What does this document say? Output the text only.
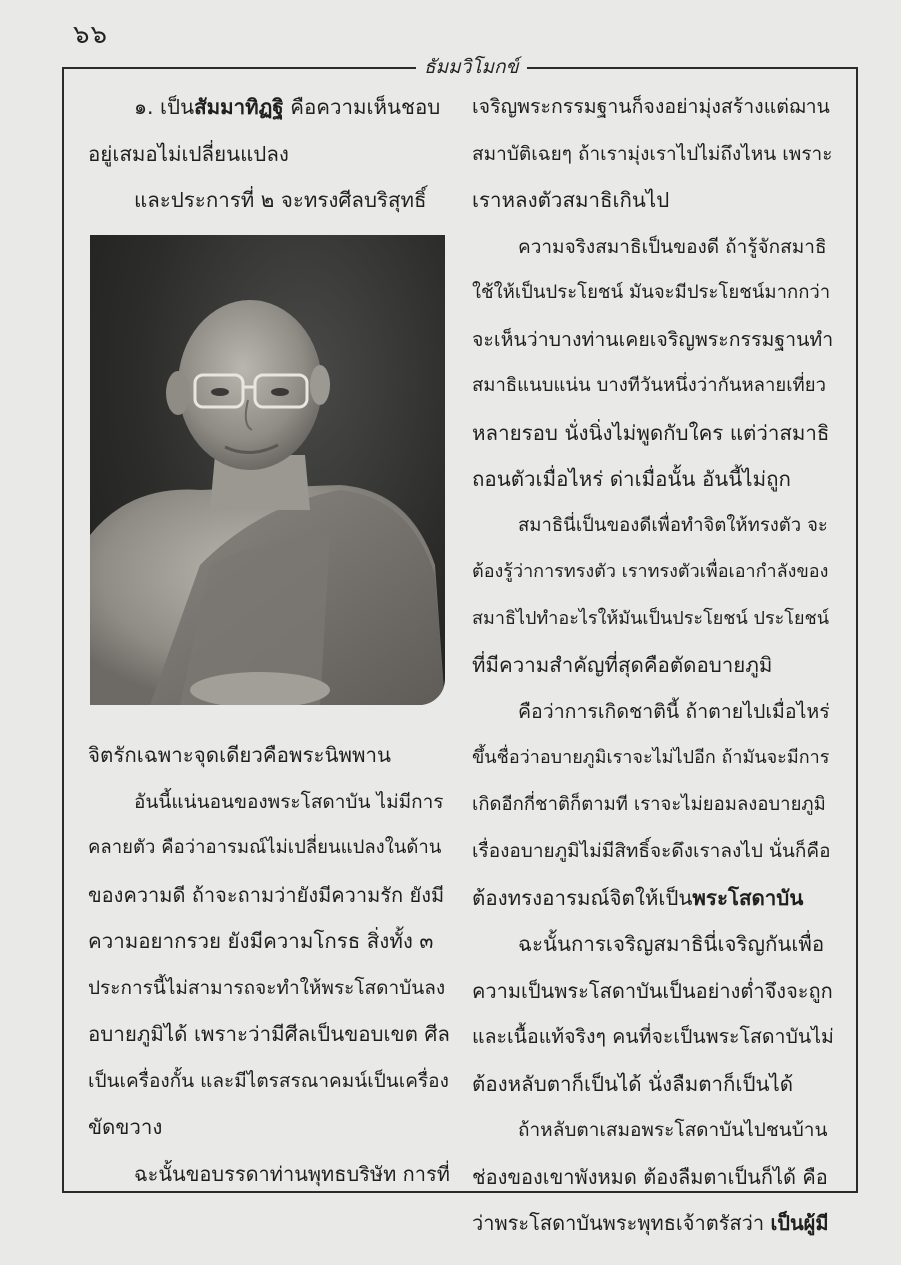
๖๖
ธัมมวิโมกข์

๑. เป็นสัมมาทิฏฐิ คือความเห็นชอบ

อยู่เสมอไม่เปลี่ยนแปลง

และประการที่ ๒ จะทรงศีลบริสุทธิ์

จิตรักเฉพาะจุดเดียวคือพระนิพพาน

อันนี้แน่นอนของพระโสดาบัน ไม่มีการ

คลายตัว คือว่าอารมณ์ไม่เปลี่ยนแปลงในด้าน

ของความดี ถ้าจะถามว่ายังมีความรัก ยังมี

ความอยากรวย ยังมีความโกรธ สิ่งทั้ง ๓

ประการนี้ไม่สามารถจะทำให้พระโสดาบันลง

อบายภูมิได้ เพราะว่ามีศีลเป็นขอบเขต ศีล

เป็นเครื่องกั้น และมีไตรสรณาคมน์เป็นเครื่อง

ขัดขวาง

ฉะนั้นขอบรรดาท่านพุทธบริษัท การที่

เจริญพระกรรมฐานก็จงอย่ามุ่งสร้างแต่ฌาน

สมาบัติเฉยๆ ถ้าเรามุ่งเราไปไม่ถึงไหน เพราะ

เราหลงตัวสมาธิเกินไป

ความจริงสมาธิเป็นของดี ถ้ารู้จักสมาธิ

ใช้ให้เป็นประโยชน์ มันจะมีประโยชน์มากกว่า

จะเห็นว่าบางท่านเคยเจริญพระกรรมฐานทำ

สมาธิแนบแน่น บางทีวันหนึ่งว่ากันหลายเที่ยว

หลายรอบ นั่งนิ่งไม่พูดกับใคร แต่ว่าสมาธิ

ถอนตัวเมื่อไหร่ ด่าเมื่อนั้น อันนี้ไม่ถูก

สมาธินี่เป็นของดีเพื่อทำจิตให้ทรงตัว จะ

ต้องรู้ว่าการทรงตัว เราทรงตัวเพื่อเอากำลังของ

สมาธิไปทำอะไรให้มันเป็นประโยชน์ ประโยชน์

ที่มีความสำคัญที่สุดคือตัดอบายภูมิ

คือว่าการเกิดชาตินี้ ถ้าตายไปเมื่อไหร่

ขึ้นชื่อว่าอบายภูมิเราจะไม่ไปอีก ถ้ามันจะมีการ

เกิดอีกกี่ชาติก็ตามที เราจะไม่ยอมลงอบายภูมิ

เรื่องอบายภูมิไม่มีสิทธิ์จะดึงเราลงไป นั่นก็คือ

ต้องทรงอารมณ์จิตให้เป็นพระโสดาบัน

ฉะนั้นการเจริญสมาธินี่เจริญกันเพื่อ

ความเป็นพระโสดาบันเป็นอย่างต่ำจึงจะถูก

และเนื้อแท้จริงๆ คนที่จะเป็นพระโสดาบันไม่

ต้องหลับตาก็เป็นได้ นั่งลืมตาก็เป็นได้

ถ้าหลับตาเสมอพระโสดาบันไปชนบ้าน

ช่องของเขาพังหมด ต้องลืมตาเป็นก็ได้ คือ

ว่าพระโสดาบันพระพุทธเจ้าตรัสว่า เป็นผู้มี
